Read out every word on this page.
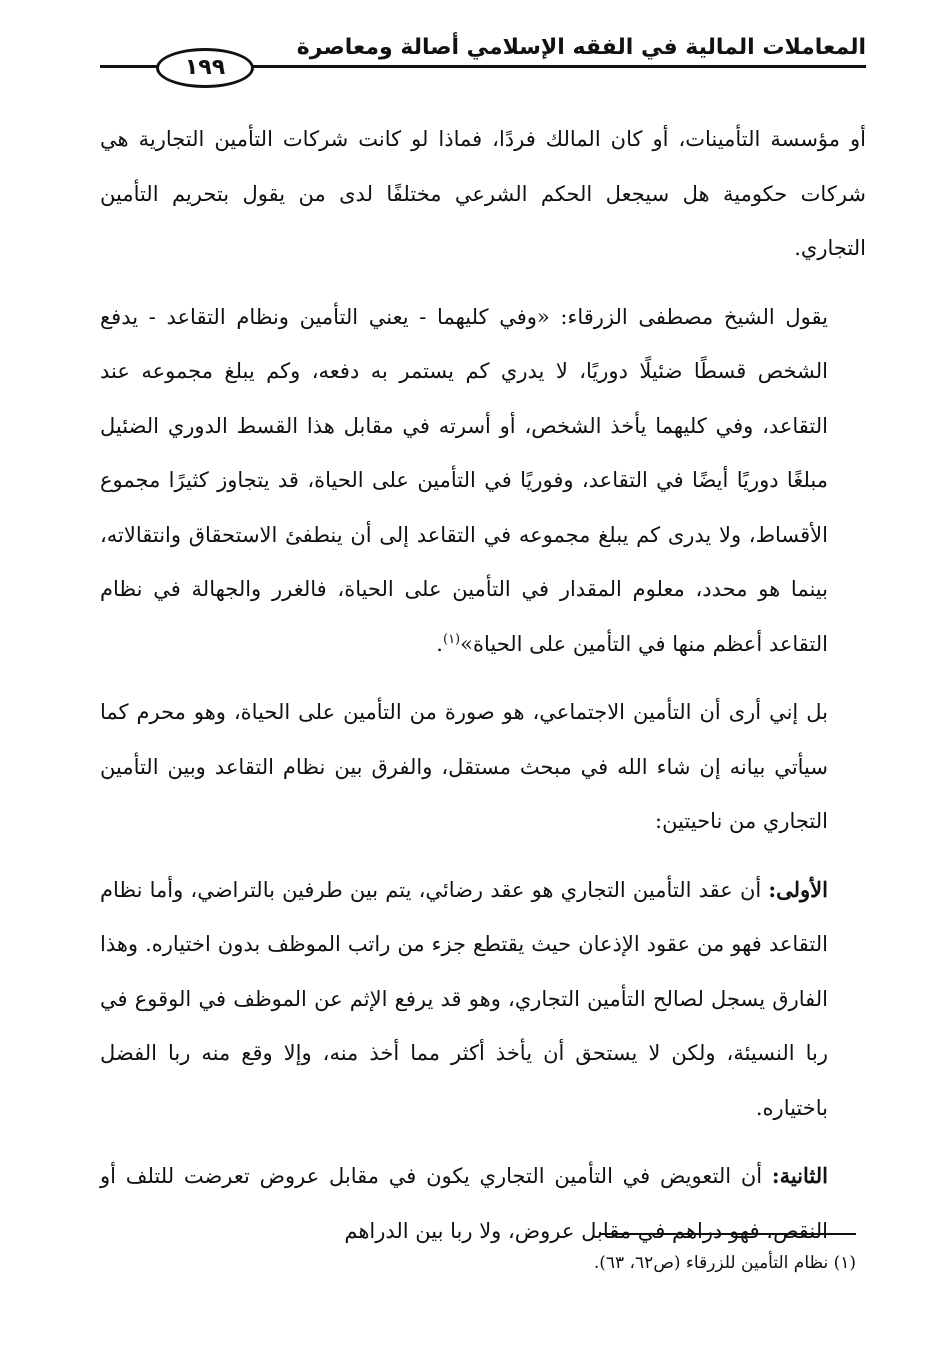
المعاملات المالية في الفقه الإسلامي أصالة ومعاصرة
١٩٩

أو مؤسسة التأمينات، أو كان المالك فردًا، فماذا لو كانت شركات التأمين التجارية هي شركات حكومية هل سيجعل الحكم الشرعي مختلفًا لدى من يقول بتحريم التأمين التجاري.

يقول الشيخ مصطفى الزرقاء: «وفي كليهما - يعني التأمين ونظام التقاعد - يدفع الشخص قسطًا ضئيلًا دوريًا، لا يدري كم يستمر به دفعه، وكم يبلغ مجموعه عند التقاعد، وفي كليهما يأخذ الشخص، أو أسرته في مقابل هذا القسط الدوري الضئيل مبلغًا دوريًا أيضًا في التقاعد، وفوريًا في التأمين على الحياة، قد يتجاوز كثيرًا مجموع الأقساط، ولا يدرى كم يبلغ مجموعه في التقاعد إلى أن ينطفئ الاستحقاق وانتقالاته، بينما هو محدد، معلوم المقدار في التأمين على الحياة، فالغرر والجهالة في نظام التقاعد أعظم منها في التأمين على الحياة»$^{(١)}$.

بل إني أرى أن التأمين الاجتماعي، هو صورة من التأمين على الحياة، وهو محرم كما سيأتي بيانه إن شاء الله في مبحث مستقل، والفرق بين نظام التقاعد وبين التأمين التجاري من ناحيتين:

الأولى: أن عقد التأمين التجاري هو عقد رضائي، يتم بين طرفين بالتراضي، وأما نظام التقاعد فهو من عقود الإذعان حيث يقتطع جزء من راتب الموظف بدون اختياره. وهذا الفارق يسجل لصالح التأمين التجاري، وهو قد يرفع الإثم عن الموظف في الوقوع في ربا النسيئة، ولكن لا يستحق أن يأخذ أكثر مما أخذ منه، وإلا وقع منه ربا الفضل باختياره.

الثانية: أن التعويض في التأمين التجاري يكون في مقابل عروض تعرضت للتلف أو النقص، فهو دراهم في مقابل عروض، ولا ربا بين الدراهم

(١) نظام التأمين للزرقاء (ص٦٢، ٦٣).
